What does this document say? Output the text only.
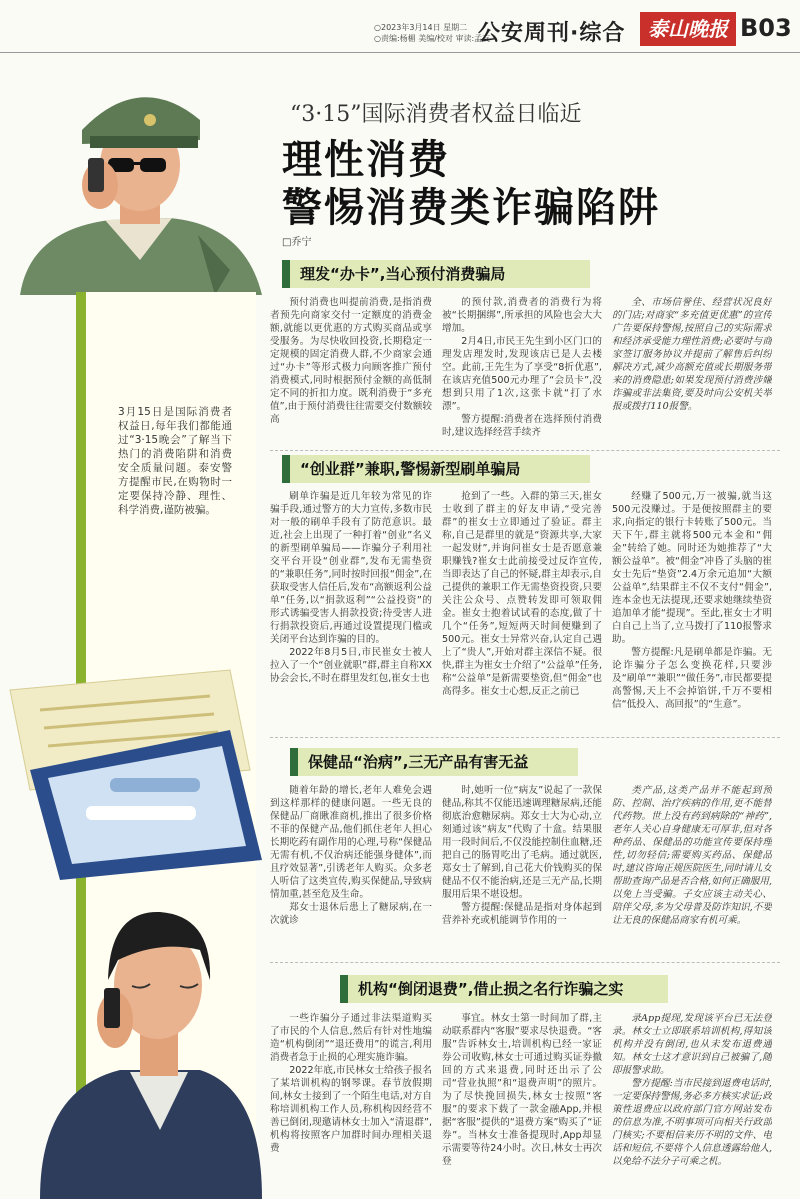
○2023年3月14日 星期二
○责编:杨楣 美编/校对 审读:孟友
公安周刊·综合	泰山晚报 B03
3月15日是国际消费者权益日,每年我们都能通过“3·15晚会”了解当下热门的消费陷阱和消费安全质量问题。泰安警方提醒市民,在购物时一定要保持冷静、理性、科学消费,谨防被骗。
“3·15”国际消费者权益日临近
理性消费
警惕消费类诈骗陷阱
□乔宁
理发“办卡”,当心预付消费骗局

预付消费也叫提前消费,是指消费者预先向商家交付一定额度的消费金额,就能以更优惠的方式购买商品或享受服务。为尽快收回投资,长期稳定一定规模的固定消费人群,不少商家会通过“办卡”等形式极力向顾客推广预付消费模式,同时根据预付金额的高低制定不同的折扣力度。既利消费于“多充值”,由于预付消费往往需要交付数额较高

的预付款,消费者的消费行为将被“长期捆绑”,所承担的风险也会大大增加。

2月4日,市民王先生到小区门口的理发店理发时,发现该店已是人去楼空。此前,王先生为了享受“8折优惠”,在该店充值500元办理了“会员卡”,没想到只用了1次,这张卡就“打了水漂”。

警方提醒:消费者在选择预付消费时,建议选择经营手续齐

全、市场信誉佳、经营状况良好的门店;对商家“多充值更优惠”的宣传广告要保持警惕,按照自己的实际需求和经济承受能力理性消费;必要时与商家签订服务协议并提前了解售后纠纷解决方式,减少高额充值或长期服务带来的消费隐患;如果发现预付消费涉嫌诈骗或非法集资,要及时向公安机关举报或拨打110报警。

“创业群”兼职,警惕新型刷单骗局

刷单诈骗是近几年较为常见的诈骗手段,通过警方的大力宣传,多数市民对一般的刷单手段有了防范意识。最近,社会上出现了一种打着“创业”名义的新型刷单骗局——诈骗分子利用社交平台开设“创业群”,发布无需垫资的“兼职任务”,同时按时回报“佣金”,在获取受害人信任后,发布“高额返利公益单”任务,以“捐款返利”“公益投资”的形式诱骗受害人捐款投资;待受害人进行捐款投资后,再通过设置提现门槛或关闭平台达到诈骗的目的。

2022年8月5日,市民崔女士被人拉入了一个“创业就职”群,群主自称XX协会会长,不时在群里发红包,崔女士也

抢到了一些。入群的第三天,崔女士收到了群主的好友申请,“受完善群”的崔女士立即通过了验证。群主称,自己是群里的就是“资源共享,大家一起发财”,并询问崔女士是否愿意兼职赚钱?崔女士此前接受过反诈宣传,当即表达了自己的怀疑,群主却表示,自己提供的兼职工作无需垫资投资,只要关注公众号、点赞转发即可领取佣金。崔女士抱着试试看的态度,做了十几个“任务”,短短两天时间便赚到了500元。崔女士异常兴奋,认定自己遇上了“贵人”,开始对群主深信不疑。很快,群主为崔女士介绍了“公益单”任务,称“公益单”是新需要垫资,但“佣金”也高得多。崔女士心想,反正之前已

经赚了500元,万一被骗,就当这500元没赚过。于是便按照群主的要求,向指定的银行卡转账了500元。当天下午,群主就将500元本金和“佣金”转给了她。同时还为她推荐了“大额公益单”。被“佣金”冲昏了头脑的崔女士先后“垫资”2.4万余元追加“大额公益单”,结果群主不仅不支付“佣金”,连本金也无法提现,还要求她继续垫资追加单才能“提现”。至此,崔女士才明白自己上当了,立马拨打了110报警求助。

警方提醒:凡是刷单都是诈骗。无论诈骗分子怎么变换花样,只要涉及“刷单”“兼职”“做任务”,市民都要提高警惕,天上不会掉馅饼,千万不要相信“低投入、高回报”的“生意”。

保健品“治病”,三无产品有害无益

随着年龄的增长,老年人难免会遇到这样那样的健康问题。一些无良的保健品厂商瞅准商机,推出了很多价格不菲的保健产品,他们抓住老年人担心长期吃药有副作用的心理,号称“保健品无需有机,不仅治病还能强身健体”,而且疗效显著”,引诱老年人购买。众多老人听信了这类宣传,购买保健品,导致病情加重,甚至危及生命。

郑女士退休后患上了糖尿病,在一次就诊

时,她听一位“病友”说起了一款保健品,称其不仅能迅速调理糖尿病,还能彻底治愈糖尿病。郑女士大为心动,立刻通过该“病友”代购了十盒。结果服用一段时间后,不仅没能控制住血糖,还把自己的肠胃吃出了毛病。通过就医,郑女士了解到,自己花大价钱购买的保健品不仅不能治病,还是三无产品,长期服用后果不堪设想。

警方提醒:保健品是指对身体起到营养补充或机能调节作用的一

类产品,这类产品并不能起到预防、控制、治疗疾病的作用,更不能替代药物。世上没有药到病除的“神药”,老年人关心自身健康无可厚非,但对各种药品、保健品的功能宣传要保持理性,切勿轻信;需要购买药品、保健品时,建议咨询正规医院医生,同时请儿女帮助查询产品是否合格,如何正确服用,以免上当受骗。子女应该主动关心、陪伴父母,多为父母普及防诈知识,不要让无良的保健品商家有机可乘。

机构“倒闭退费”,借止损之名行诈骗之实

一些诈骗分子通过非法渠道购买了市民的个人信息,然后有针对性地编造“机构倒闭”“退还费用”的谎言,利用消费者急于止损的心理实施诈骗。

2022年底,市民林女士给孩子报名了某培训机构的钢琴课。春节放假期间,林女士接到了一个陌生电话,对方自称培训机构工作人员,称机构因经营不善已倒闭,现邀请林女士加入“清退群”,机构将按照客户加群时间办理相关退费

事宜。林女士第一时间加了群,主动联系群内“客服”要求尽快退费。“客服”告诉林女士,培训机构已经一家证券公司收购,林女士可通过购买证券撤回的方式来退费,同时还出示了公司“营业执照”和“退费声明”的照片。为了尽快挽回损失,林女士按照“客服”的要求下载了一款金融App,并根据“客服”提供的“退费方案”购买了“证券”。当林女士准备提现时,App却显示需要等待24小时。次日,林女士再次登

录App提现,发现该平台已无法登录。林女士立即联系培训机构,得知该机构并没有倒闭,也从未发布退费通知。林女士这才意识到自己被骗了,随即报警求助。

警方提醒:当市民接到退费电话时,一定要保持警惕,务必多方核实求证;政策性退费应以政府部门官方网站发布的信息为准,不明事项可向相关行政部门核实;不要相信来历不明的文件、电话和短信,不要将个人信息透露给他人,以免给不法分子可乘之机。
